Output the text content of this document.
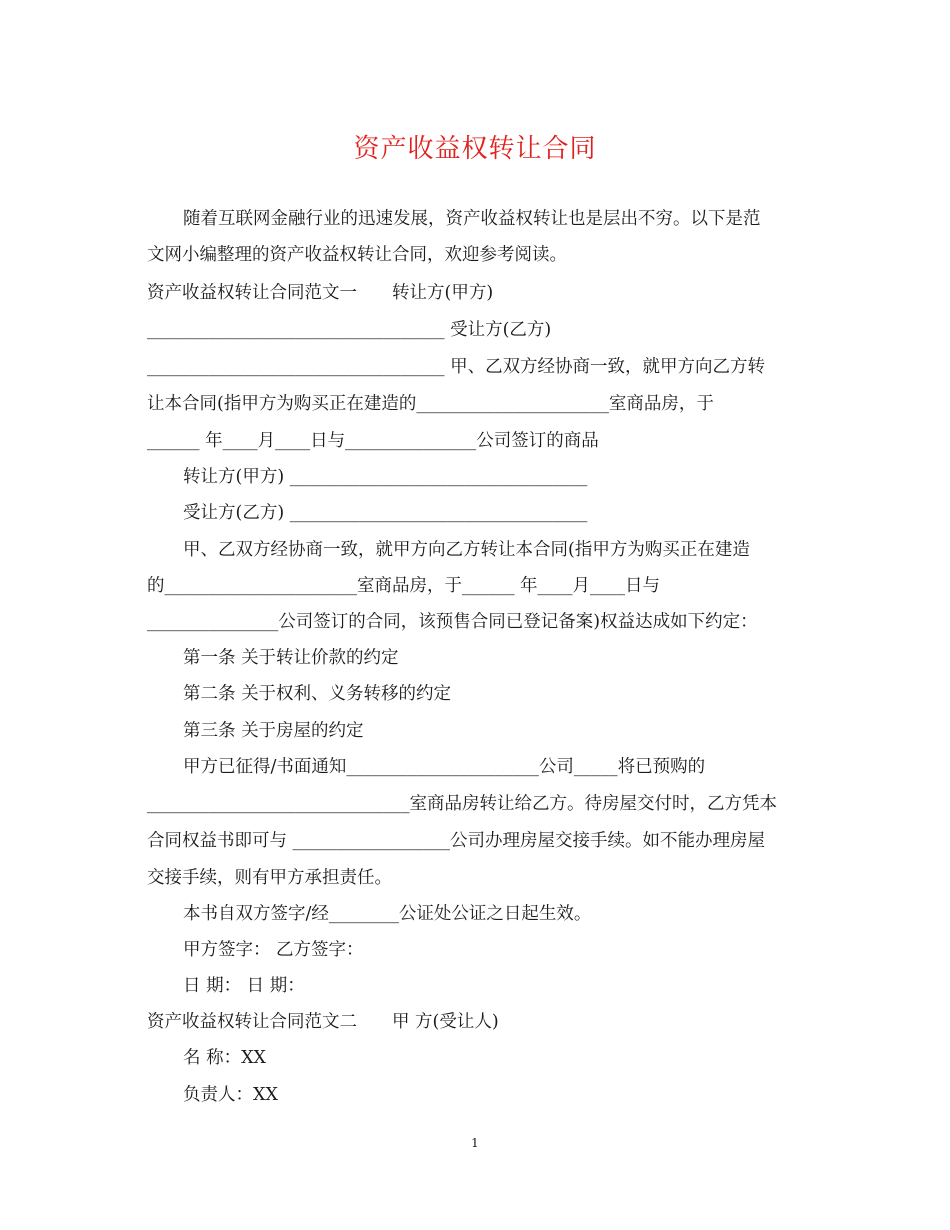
资产收益权转让合同
随着互联网金融行业的迅速发展，资产收益权转让也是层出不穷。以下是范
文网小编整理的资产收益权转让合同，欢迎参考阅读。
资产收益权转让合同范文一　　转让方(甲方)
__________________________________ 受让方(乙方)
__________________________________ 甲、乙双方经协商一致，就甲方向乙方转
让本合同(指甲方为购买正在建造的______________________室商品房，于
______ 年____月____日与_______________公司签订的商品
转让方(甲方) __________________________________
受让方(乙方) __________________________________
甲、乙双方经协商一致，就甲方向乙方转让本合同(指甲方为购买正在建造
的______________________室商品房，于______ 年____月____日与
_______________公司签订的合同，该预售合同已登记备案)权益达成如下约定：
第一条 关于转让价款的约定
第二条 关于权利、义务转移的约定
第三条 关于房屋的约定
甲方已征得/书面通知______________________公司_____将已预购的
______________________________室商品房转让给乙方。待房屋交付时，乙方凭本
合同权益书即可与 __________________公司办理房屋交接手续。如不能办理房屋
交接手续，则有甲方承担责任。
本书自双方签字/经________公证处公证之日起生效。
甲方签字： 乙方签字：
日 期： 日 期：
资产收益权转让合同范文二　　甲 方(受让人)
名 称：XX
负责人：XX
1
